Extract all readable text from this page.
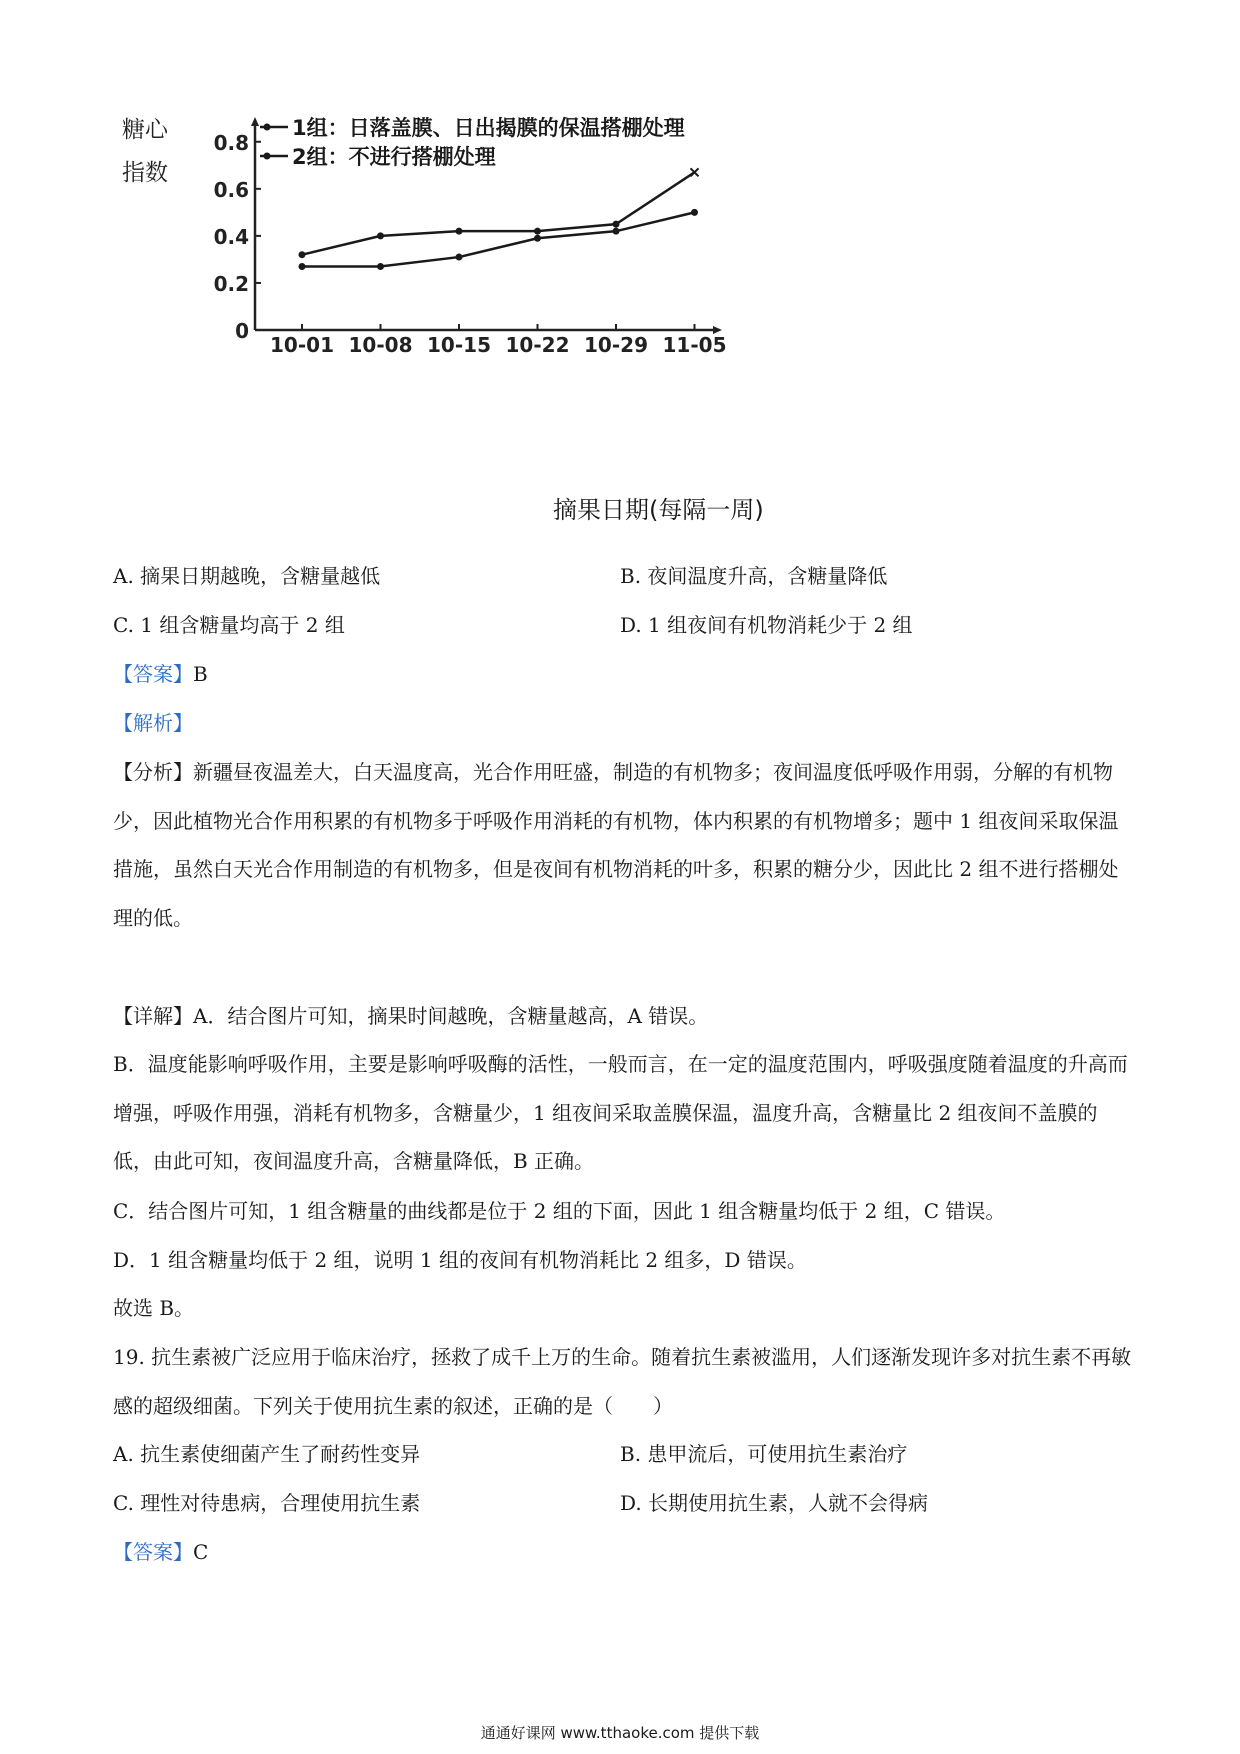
糖心
指数
0
0.2
0.4
0.6
0.8
10-01 10-08 10-15 10-22 10-29 11-05
1组：日落盖膜、日出揭膜的保温搭棚处理
2组：不进行搭棚处理
摘果日期(每隔一周)
A. 摘果日期越晚，含糖量越低	B. 夜间温度升高，含糖量降低
C. 1 组含糖量均高于 2 组	D. 1 组夜间有机物消耗少于 2 组
【答案】B
【解析】
【分析】新疆昼夜温差大，白天温度高，光合作用旺盛，制造的有机物多；夜间温度低呼吸作用弱，分解的有机物少，因此植物光合作用积累的有机物多于呼吸作用消耗的有机物，体内积累的有机物增多；题中 1 组夜间采取保温措施，虽然白天光合作用制造的有机物多，但是夜间有机物消耗的叶多，积累的糖分少，因此比 2 组不进行搭棚处理的低。
【详解】A．结合图片可知，摘果时间越晚，含糖量越高，A 错误。
B．温度能影响呼吸作用，主要是影响呼吸酶的活性，一般而言，在一定的温度范围内，呼吸强度随着温度的升高而增强，呼吸作用强，消耗有机物多，含糖量少，1 组夜间采取盖膜保温，温度升高，含糖量比 2 组夜间不盖膜的低，由此可知，夜间温度升高，含糖量降低，B 正确。
C．结合图片可知，1 组含糖量的曲线都是位于 2 组的下面，因此 1 组含糖量均低于 2 组，C 错误。
D．1 组含糖量均低于 2 组，说明 1 组的夜间有机物消耗比 2 组多，D 错误。
故选 B。
19. 抗生素被广泛应用于临床治疗，拯救了成千上万的生命。随着抗生素被滥用，人们逐渐发现许多对抗生素不再敏感的超级细菌。下列关于使用抗生素的叙述，正确的是（　　）
A. 抗生素使细菌产生了耐药性变异	B. 患甲流后，可使用抗生素治疗
C. 理性对待患病，合理使用抗生素	D. 长期使用抗生素，人就不会得病
【答案】C
通通好课网 www.tthaoke.com 提供下载
